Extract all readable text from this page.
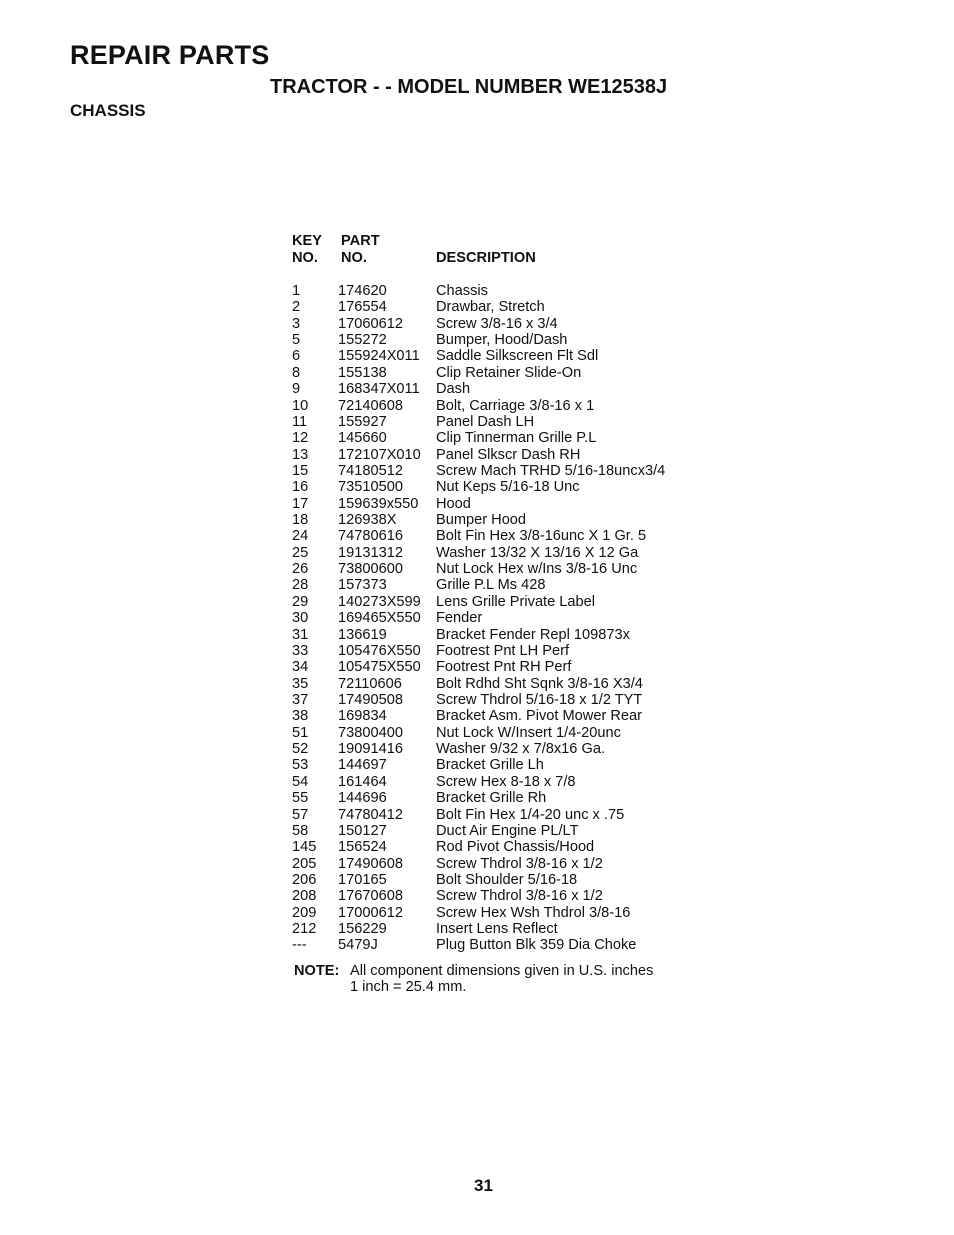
REPAIR PARTS
TRACTOR - - MODEL NUMBER WE12538J
CHASSIS
KEY
NO.
PART
NO.	DESCRIPTION
1	174620	Chassis
2	176554	Drawbar, Stretch
3	17060612 Screw 3/8-16 x 3/4
5	155272	Bumper, Hood/Dash
6	155924X011 Saddle Silkscreen Flt Sdl
8	155138	Clip Retainer Slide-On
9	168347X011 Dash
10 72140608 Bolt, Carriage 3/8-16 x 1
11 155927	Panel Dash LH
12 145660	Clip Tinnerman Grille P.L
13 172107X010 Panel Slkscr Dash RH
15 74180512 Screw Mach TRHD 5/16-18uncx3/4
16 73510500 Nut Keps 5/16-18 Unc
17 159639x550 Hood
18 126938X	Bumper Hood
24 74780616 Bolt Fin Hex 3/8-16unc X 1 Gr. 5
25 19131312 Washer 13/32 X 13/16 X 12 Ga
26 73800600 Nut Lock Hex w/Ins 3/8-16 Unc
28 157373	Grille P.L Ms 428
29 140273X599 Lens Grille Private Label
30 169465X550 Fender
31 136619	Bracket Fender Repl 109873x
33 105476X550 Footrest Pnt LH Perf
34 105475X550 Footrest Pnt RH Perf
35 72110606 Bolt Rdhd Sht Sqnk 3/8-16 X3/4
37 17490508 Screw Thdrol 5/16-18 x 1/2 TYT
38 169834	Bracket Asm. Pivot Mower Rear
51 73800400 Nut Lock W/Insert 1/4-20unc
52 19091416 Washer 9/32 x 7/8x16 Ga.
53 144697	Bracket Grille Lh
54 161464	Screw Hex 8-18 x 7/8
55 144696	Bracket Grille Rh
57 74780412 Bolt Fin Hex 1/4-20 unc x .75
58 150127	Duct Air Engine PL/LT
145 156524	Rod Pivot Chassis/Hood
205 17490608 Screw Thdrol 3/8-16 x 1/2
206 170165	Bolt Shoulder 5/16-18
208 17670608 Screw Thdrol 3/8-16 x 1/2
209 17000612 Screw Hex Wsh Thdrol 3/8-16
212 156229	Insert Lens Reflect
--- 5479J	Plug Button Blk 359 Dia Choke
NOTE: All component dimensions given in U.S. inches
1 inch = 25.4 mm.
31
